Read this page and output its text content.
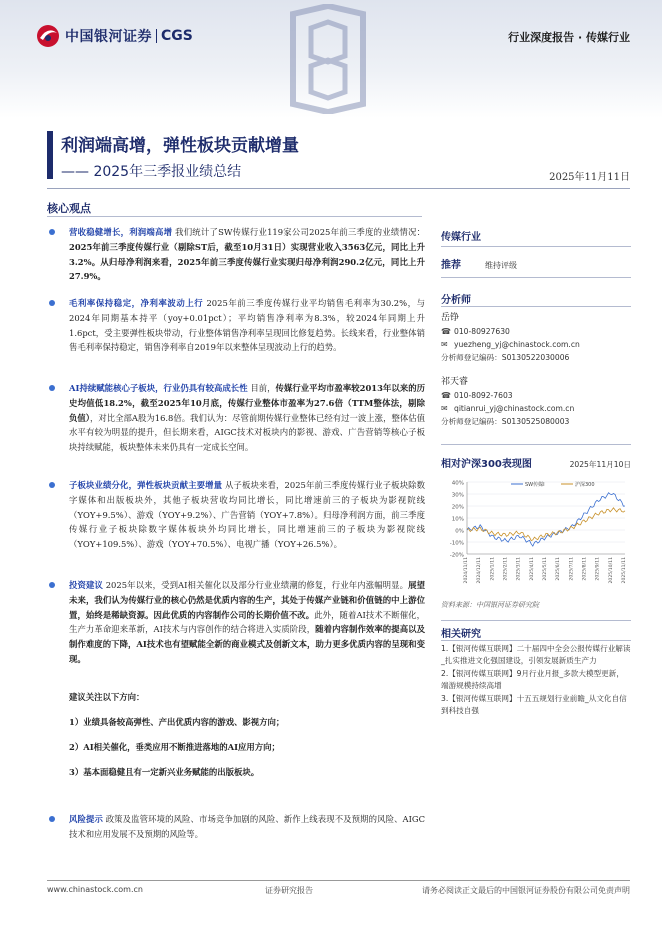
中国银河证券 CGS	行业深度报告 · 传媒行业
利润端高增，弹性板块贡献增量
—— 2025年三季报业绩总结	2025年11月11日
核心观点
营收稳健增长，利润端高增 我们统计了SW传媒行业119家公司2025年前三季度的业绩情况：2025年前三季度传媒行业（剔除ST后，截至10月31日）实现营业收入3563亿元，同比上升3.2%。从归母净利润来看，2025年前三季度传媒行业实现归母净利润290.2亿元，同比上升27.9%。
毛利率保持稳定，净利率波动上行 2025年前三季度传媒行业平均销售毛利率为30.2%，与2024年同期基本持平（yoy+0.01pct）；平均销售净利率为8.3%，较2024年同期上升1.6pct，受主要弹性板块带动，行业整体销售净利率呈现回比修复趋势。长线来看，行业整体销售毛利率保持稳定，销售净利率自2019年以来整体呈现波动上行的趋势。
AI持续赋能核心子板块，行业仍具有较高成长性 目前，传媒行业平均市盈率较2013年以来的历史均值低18.2%，截至2025年10月底，传媒行业整体市盈率为27.6倍（TTM整体法，剔除负值），对比全部A股为16.8倍。我们认为：尽管前期传媒行业整体已经有过一波上涨，整体估值水平有较为明显的提升，但长期来看，AIGC技术对板块内的影视、游戏、广告营销等核心子板块持续赋能，板块整体未来仍具有一定成长空间。
子板块业绩分化，弹性板块贡献主要增量 从子板块来看，2025年前三季度传媒行业子板块除数字媒体和出版板块外，其他子板块营收均同比增长，同比增速前三的子板块为影视院线（YOY+9.5%）、游戏（YOY+9.2%）、广告营销（YOY+7.8%）。归母净利润方面，前三季度传媒行业子板块除数字媒体板块外均同比增长，同比增速前三的子板块为影视院线（YOY+109.5%）、游戏（YOY+70.5%）、电视广播（YOY+26.5%）。
投资建议 2025年以来，受到AI相关催化以及部分行业业绩潮的修复，行业年内涨幅明显。展望未来，我们认为传媒行业的核心仍然是优质内容的生产，其处于传媒产业链和价值链的中上游位置，始终是稀缺资源。因此优质的内容制作公司的长期价值不改。此外，随着AI技术不断催化，生产力革命迎来革新，AI技术与内容创作的结合将进入实质阶段，随着内容制作效率的提高以及制作难度的下降，AI技术也有望赋能全新的商业模式及创新文本，助力更多优质内容的呈现和变现。
建议关注以下方向：
1）业绩具备较高弹性、产出优质内容的游戏、影视方向；
2）AI相关催化，垂类应用不断推进落地的AI应用方向；
3）基本面稳健且有一定新兴业务赋能的出版板块。
风险提示 政策及监管环境的风险、市场竞争加剧的风险、新作上线表现不及预期的风险、AIGC技术和应用发展不及预期的风险等。
传媒行业
推荐	维持评级
分析师
岳铮
☎ 010-80927630
✉ yuezheng_yj@chinastock.com.cn
分析师登记编码：S0130522030006
祁天睿
☎ 010-8092-7603
✉ qitianrui_yj@chinastock.com.cn
分析师登记编码：S0130525080003
相对沪深300表现图	2025年11月10日
40%
30%
20%
10%
0%
-10%
-20%
2024/11/11 2024/12/11 2025/1/11 2025/2/11 2025/3/11 2025/4/11 2025/5/11 2025/6/11 2025/7/11 2025/8/11 2025/9/11 2025/10/11 2025/11/11
SW传媒Ⅰ	沪深300
资料来源：中国银河证券研究院
相关研究
1.【银河传媒互联网】二十届四中全会公报传媒行业解读_扎实推进文化强国建设，引领发展新质生产力
2.【银河传媒互联网】9月行业月报_多款大模型更新，端游规模持续高增
3.【银河传媒互联网】十五五规划行业前瞻_从文化自信到科技自强
www.chinastock.com.cn	证券研究报告	请务必阅读正文最后的中国银河证券股份有限公司免责声明
